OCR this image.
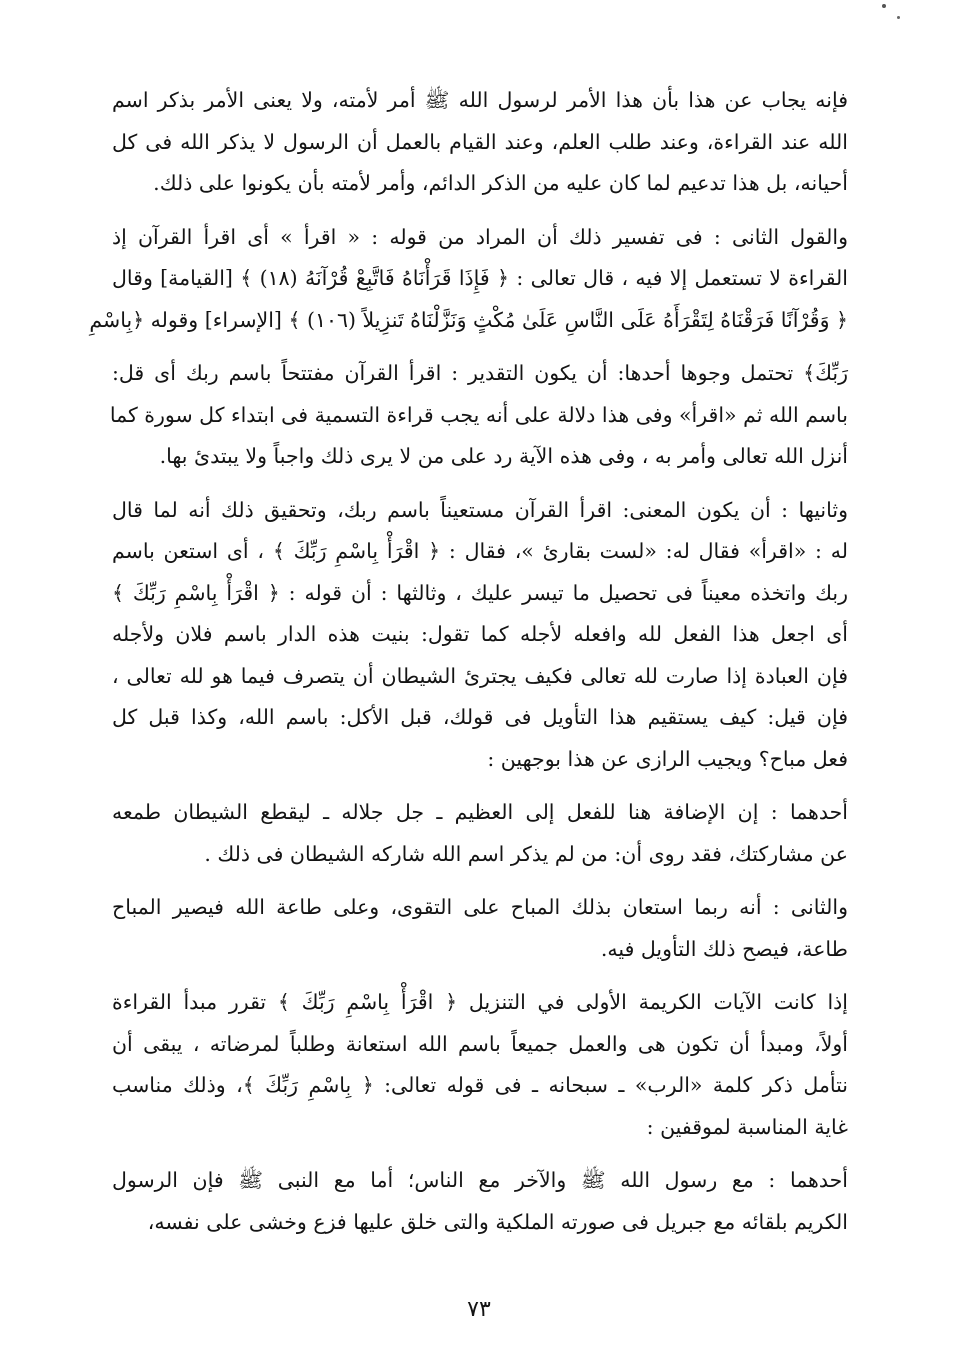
فإنه يجاب عن هذا بأن هذا الأمر لرسول الله ﷺ أمر لأمته، ولا يعنى الأمر بذكر اسم
الله عند القراءة، وعند طلب العلم، وعند القيام بالعمل أن الرسول لا يذكر الله فى كل
أحيانه، بل هذا تدعيم لما كان عليه من الذكر الدائم، وأمر لأمته بأن يكونوا على ذلك.
والقول الثانى : فى تفسير ذلك أن المراد من قوله : « اقرأ » أى اقرأ القرآن إذ
القراءة لا تستعمل إلا فيه ، قال تعالى : ﴿ فَإِذَا قَرَأْنَاهُ فَاتَّبِعْ قُرْآنَهُ (١٨) ﴾ [القيامة] وقال
﴿ وَقُرْآنًا فَرَقْنَاهُ لِتَقْرَأَهُ عَلَى النَّاسِ عَلَىٰ مُكْثٍ وَنَزَّلْنَاهُ تَنزِيلاً (١٠٦) ﴾ [الإسراء] وقوله ﴿بِاسْمِ
رَبِّكَ﴾ تحتمل وجوها أحدها: أن يكون التقدير : اقرأ القرآن مفتتحاً باسم ربك أى قل:
باسم الله ثم «اقرأ» وفى هذا دلالة على أنه يجب قراءة التسمية فى ابتداء كل سورة كما
أنزل الله تعالى وأمر به ، وفى هذه الآية رد على من لا يرى ذلك واجباً ولا يبتدئ بها.
وثانيها : أن يكون المعنى: اقرأ القرآن مستعيناً باسم ربك، وتحقيق ذلك أنه لما قال
له : «اقرأ» فقال له: «لست بقارئ »، فقال : ﴿ اقْرَأْ بِاسْمِ رَبِّكَ ﴾ ، أى استعن باسم
ربك واتخذه معيناً فى تحصيل ما تيسر عليك ، وثالثها : أن قوله : ﴿ اقْرَأْ بِاسْمِ رَبِّكَ ﴾
أى اجعل هذا الفعل لله وافعله لأجله كما تقول: بنيت هذه الدار باسم فلان ولأجله
فإن العبادة إذا صارت لله تعالى فكيف يجترئ الشيطان أن يتصرف فيما هو لله تعالى ،
فإن قيل: كيف يستقيم هذا التأويل فى قولك، قبل الأكل: باسم الله، وكذا قبل كل
فعل مباح؟ ويجيب الرازى عن هذا بوجهين :
أحدهما : إن الإضافة هنا للفعل إلى العظيم ـ جل جلاله ـ ليقطع الشيطان طمعه
عن مشاركتك، فقد روى أن: من لم يذكر اسم الله شاركه الشيطان فى ذلك .
والثانى : أنه ربما استعان بذلك المباح على التقوى، وعلى طاعة الله فيصير المباح
طاعة، فيصح ذلك التأويل فيه.
إذا كانت الآيات الكريمة الأولى في التنزيل ﴿ اقْرَأْ بِاسْمِ رَبِّكَ ﴾ تقرر مبدأ القراءة
أولاً، ومبدأ أن تكون هى والعمل جميعاً باسم الله استعانة وطلباً لمرضاته ، يبقى أن
نتأمل ذكر كلمة «الرب» ـ سبحانه ـ فى قوله تعالى: ﴿ بِاسْمِ رَبِّكَ ﴾، وذلك مناسب
غاية المناسبة لموقفين :
أحدهما : مع رسول الله ﷺ والآخر مع الناس؛ أما مع النبى ﷺ فإن الرسول
الكريم بلقائه مع جبريل فى صورته الملكية والتى خلق عليها فزع وخشى على نفسه،
٧٣
